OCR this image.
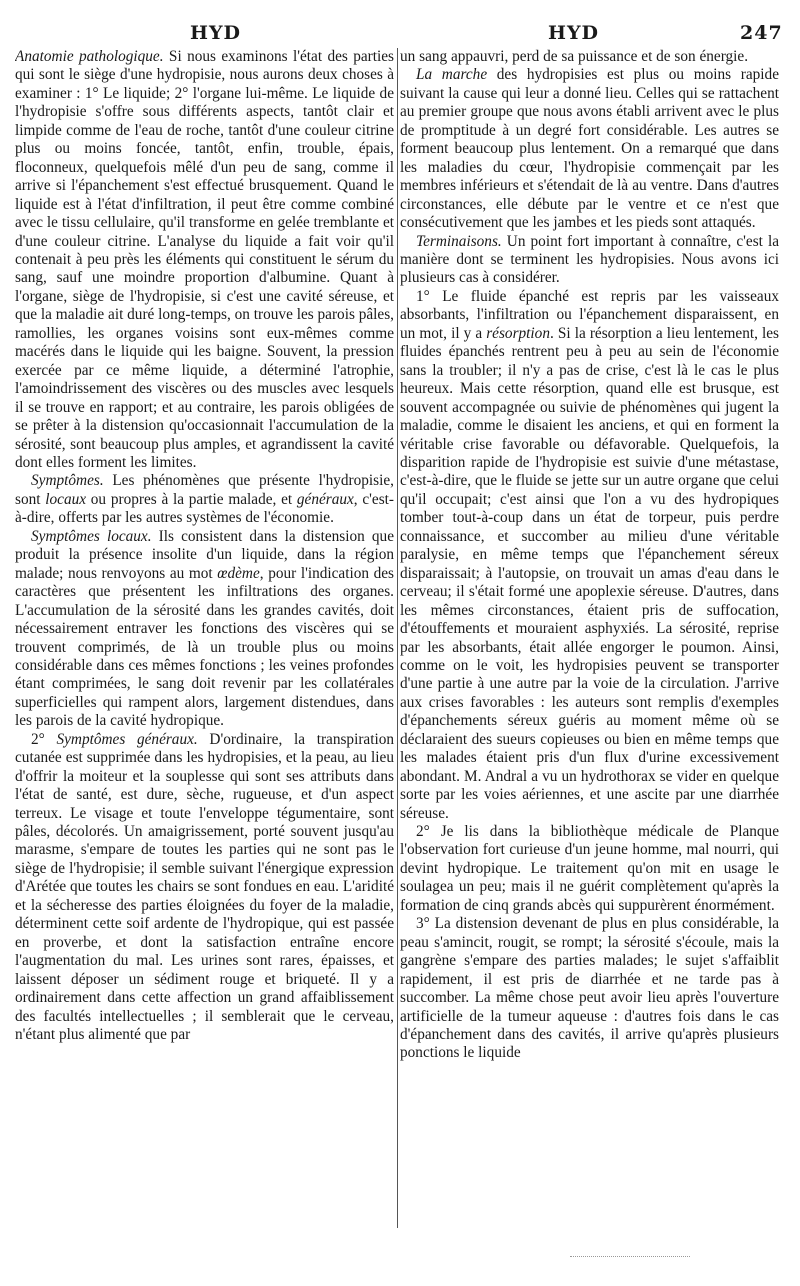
HYD	HYD	247

Anatomie pathologique. Si nous examinons l'état des parties qui sont le siège d'une hydropisie, nous aurons deux choses à examiner : 1° Le liquide; 2° l'organe lui-même. Le liquide de l'hydropisie s'offre sous différents aspects, tantôt clair et limpide comme de l'eau de roche, tantôt d'une couleur citrine plus ou moins foncée, tantôt, enfin, trouble, épais, floconneux, quelquefois mêlé d'un peu de sang, comme il arrive si l'épanchement s'est effectué brusquement. Quand le liquide est à l'état d'infiltration, il peut être comme combiné avec le tissu cellulaire, qu'il transforme en gelée tremblante et d'une couleur citrine. L'analyse du liquide a fait voir qu'il contenait à peu près les éléments qui constituent le sérum du sang, sauf une moindre proportion d'albumine. Quant à l'organe, siège de l'hydropisie, si c'est une cavité séreuse, et que la maladie ait duré long-temps, on trouve les parois pâles, ramollies, les organes voisins sont eux-mêmes comme macérés dans le liquide qui les baigne. Souvent, la pression exercée par ce même liquide, a déterminé l'atrophie, l'amoindrissement des viscères ou des muscles avec lesquels il se trouve en rapport; et au contraire, les parois obligées de se prêter à la distension qu'occasionnait l'accumulation de la sérosité, sont beaucoup plus amples, et agrandissent la cavité dont elles forment les limites.

Symptômes. Les phénomènes que présente l'hydropisie, sont locaux ou propres à la partie malade, et généraux, c'est-à-dire, offerts par les autres systèmes de l'économie.

Symptômes locaux. Ils consistent dans la distension que produit la présence insolite d'un liquide, dans la région malade; nous renvoyons au mot œdème, pour l'indication des caractères que présentent les infiltrations des organes. L'accumulation de la sérosité dans les grandes cavités, doit nécessairement entraver les fonctions des viscères qui se trouvent comprimés, de là un trouble plus ou moins considérable dans ces mêmes fonctions ; les veines profondes étant comprimées, le sang doit revenir par les collatérales superficielles qui rampent alors, largement distendues, dans les parois de la cavité hydropique.

2° Symptômes généraux. D'ordinaire, la transpiration cutanée est supprimée dans les hydropisies, et la peau, au lieu d'offrir la moiteur et la souplesse qui sont ses attributs dans l'état de santé, est dure, sèche, rugueuse, et d'un aspect terreux. Le visage et toute l'enveloppe tégumentaire, sont pâles, décolorés. Un amaigrissement, porté souvent jusqu'au marasme, s'empare de toutes les parties qui ne sont pas le siège de l'hydropisie; il semble suivant l'énergique expression d'Arétée que toutes les chairs se sont fondues en eau. L'aridité et la sécheresse des parties éloignées du foyer de la maladie, déterminent cette soif ardente de l'hydropique, qui est passée en proverbe, et dont la satisfaction entraîne encore l'augmentation du mal. Les urines sont rares, épaisses, et laissent déposer un sédiment rouge et briqueté. Il y a ordinairement dans cette affection un grand affaiblissement des facultés intellectuelles ; il semblerait que le cerveau, n'étant plus alimenté que par

un sang appauvri, perd de sa puissance et de son énergie.

La marche des hydropisies est plus ou moins rapide suivant la cause qui leur a donné lieu. Celles qui se rattachent au premier groupe que nous avons établi arrivent avec le plus de promptitude à un degré fort considérable. Les autres se forment beaucoup plus lentement. On a remarqué que dans les maladies du cœur, l'hydropisie commençait par les membres inférieurs et s'étendait de là au ventre. Dans d'autres circonstances, elle débute par le ventre et ce n'est que consécutivement que les jambes et les pieds sont attaqués.

Terminaisons. Un point fort important à connaître, c'est la manière dont se terminent les hydropisies. Nous avons ici plusieurs cas à considérer.

1° Le fluide épanché est repris par les vaisseaux absorbants, l'infiltration ou l'épanchement disparaissent, en un mot, il y a résorption. Si la résorption a lieu lentement, les fluides épanchés rentrent peu à peu au sein de l'économie sans la troubler; il n'y a pas de crise, c'est là le cas le plus heureux. Mais cette résorption, quand elle est brusque, est souvent accompagnée ou suivie de phénomènes qui jugent la maladie, comme le disaient les anciens, et qui en forment la véritable crise favorable ou défavorable. Quelquefois, la disparition rapide de l'hydropisie est suivie d'une métastase, c'est-à-dire, que le fluide se jette sur un autre organe que celui qu'il occupait; c'est ainsi que l'on a vu des hydropiques tomber tout-à-coup dans un état de torpeur, puis perdre connaissance, et succomber au milieu d'une véritable paralysie, en même temps que l'épanchement séreux disparaissait; à l'autopsie, on trouvait un amas d'eau dans le cerveau; il s'était formé une apoplexie séreuse. D'autres, dans les mêmes circonstances, étaient pris de suffocation, d'étouffements et mouraient asphyxiés. La sérosité, reprise par les absorbants, était allée engorger le poumon. Ainsi, comme on le voit, les hydropisies peuvent se transporter d'une partie à une autre par la voie de la circulation. J'arrive aux crises favorables : les auteurs sont remplis d'exemples d'épanchements séreux guéris au moment même où se déclaraient des sueurs copieuses ou bien en même temps que les malades étaient pris d'un flux d'urine excessivement abondant. M. Andral a vu un hydrothorax se vider en quelque sorte par les voies aériennes, et une ascite par une diarrhée séreuse.

2° Je lis dans la bibliothèque médicale de Planque l'observation fort curieuse d'un jeune homme, mal nourri, qui devint hydropique. Le traitement qu'on mit en usage le soulagea un peu; mais il ne guérit complètement qu'après la formation de cinq grands abcès qui suppurèrent énormément.

3° La distension devenant de plus en plus considérable, la peau s'amincit, rougit, se rompt; la sérosité s'écoule, mais la gangrène s'empare des parties malades; le sujet s'affaiblit rapidement, il est pris de diarrhée et ne tarde pas à succomber. La même chose peut avoir lieu après l'ouverture artificielle de la tumeur aqueuse : d'autres fois dans le cas d'épanchement dans des cavités, il arrive qu'après plusieurs ponctions le liquide
